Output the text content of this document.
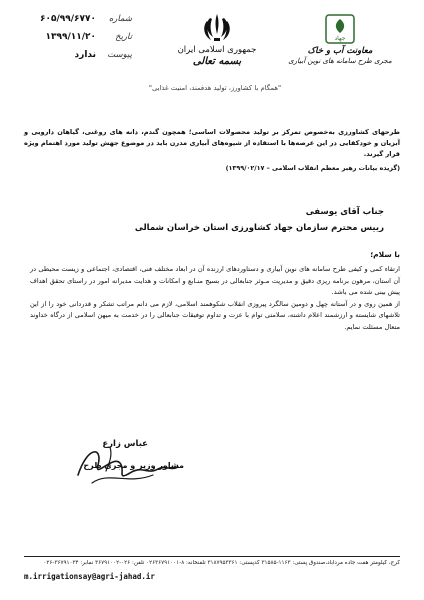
شماره
۶۰۵/۹۹/۶۷۷۰
تاریخ
۱۳۹۹/۱۱/۲۰
پیوست
ندارد	جمهوری اسلامی ایران
بسمه تعالی
جهاد
معاونت آب و خاک
مجری طرح سامانه های نوین آبیاری
"همگام با کشاورز، تولید هدفمند، امنیت غذایی"
طرحهای کشاورزی به‌خصوص تمرکز بر تولید محصولات اساسی؛ همچون گندم، دانه های روغنی، گیاهان دارویی و آبزیان و خودکفایی در این عرصه‌ها با استفاده از شیوه‌های آبیاری مدرن باید در موضوع جهش تولید مورد اهتمام ویژه قرار گیرند.
(گزیده بیانات رهبر معظم انقلاب اسلامی – ۱۳۹۹/۰۲/۱۷)
جناب آقای یوسفی
رییس محترم سازمان جهاد کشاورزی استان خراسان شمالی
با سلام؛

ارتقاء کمی و کیفی طرح سامانه های نوین آبیاری و دستاوردهای ارزنده آن در ابعاد مختلف فنی، اقتصادی، اجتماعی و زیست محیطی در آن استان، مرهون برنامه ریزی دقیق و مدیریت مـوثر جنابعالی در بسیج منـابع و امکانات و هدایت مدیرانه امور در راستای تحقق اهداف پیش بینی شده می باشد.

از همین روی و در آستانه چهل و دومین سالگرد پیروزی انقلاب شکوهمند اسلامی، لازم می دانم مراتب تشکر و قدردانی خود را از این تلاشهای شایسته و ارزشمند اعلام داشته، سلامتی توام با عزت و تداوم توفیقات جنابعالی را در خدمت به میهن اسلامی از درگاه خداوند متعال مسئلت نمایم.

عباس زارع
مشاور وزیر و مجری طرح
کرج، کیلومتر هفت جاده مردآباد،صندوق پستی: ۱۱۶۳-۳۱۵۸۵ کدپستی: ۳۱۸۷۹۵۳۳۶۱ تلفنخانه: ۸-۰۲۶۳۶۷۹۱۰۰۱ تلفن: ۰۲۶-۳۶۷۹۱۰۰۲ نمابر: ۳۶۷۹۱۰۳۴-۰۲۶
m.irrigationsay@agri-jahad.ir
